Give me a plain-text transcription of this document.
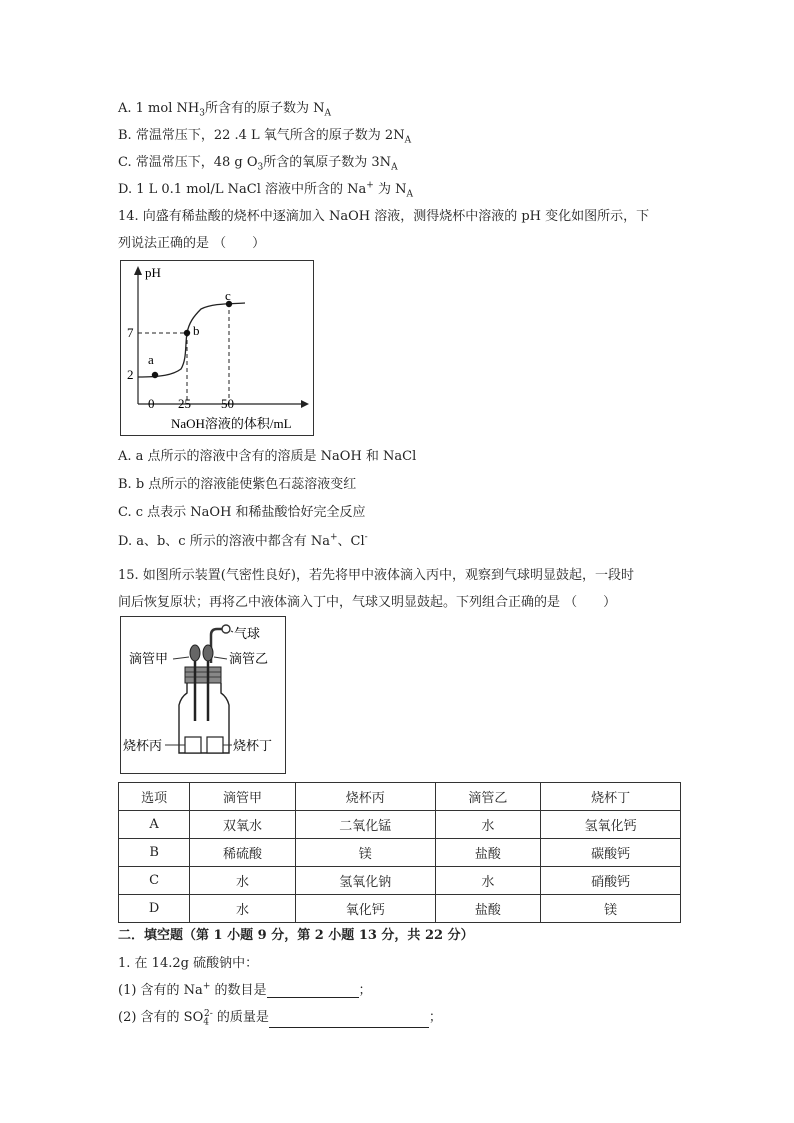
A. 1 mol $NH_3$所含有的原子数为 $N_A$
B. 常温常压下，22 .4 L 氧气所含的原子数为 $2N_A$
C. 常温常压下，48 g $O_3$所含的氧原子数为 $3N_A$
D. 1 L 0.1 mol/L NaCl 溶液中所含的 Na+ 为 $N_A$
14. 向盛有稀盐酸的烧杯中逐滴加入 NaOH 溶液，测得烧杯中溶液的 pH 变化如图所示，下
列说法正确的是 （　　）
pH
a
b
c
7
2
0 25 50
NaOH溶液的体积/mL
A. a 点所示的溶液中含有的溶质是 NaOH 和 NaCl
B. b 点所示的溶液能使紫色石蕊溶液变红
C. c 点表示 NaOH 和稀盐酸恰好完全反应
D. a、b、c 所示的溶液中都含有 Na+、Cl-
15. 如图所示装置(气密性良好)，若先将甲中液体滴入丙中，观察到气球明显鼓起，一段时
间后恢复原状；再将乙中液体滴入丁中，气球又明显鼓起。下列组合正确的是 （　　）
气球
滴管甲	滴管乙
烧杯丙	烧杯丁
选项	滴管甲	烧杯丙	滴管乙	烧杯丁
A	双氧水	二氧化锰	水	氢氧化钙
B	稀硫酸	镁	盐酸	碳酸钙
C	水	氢氧化钠	水	硝酸钙
D	水	氧化钙	盐酸	镁
二．填空题（第 1 小题 9 分，第 2 小题 13 分，共 22 分）
1. 在 14.2g 硫酸钠中：
(1) 含有的 Na+ 的数目是	；
(2) 含有的 $SO_4^{2-}$ 的质量是	；
